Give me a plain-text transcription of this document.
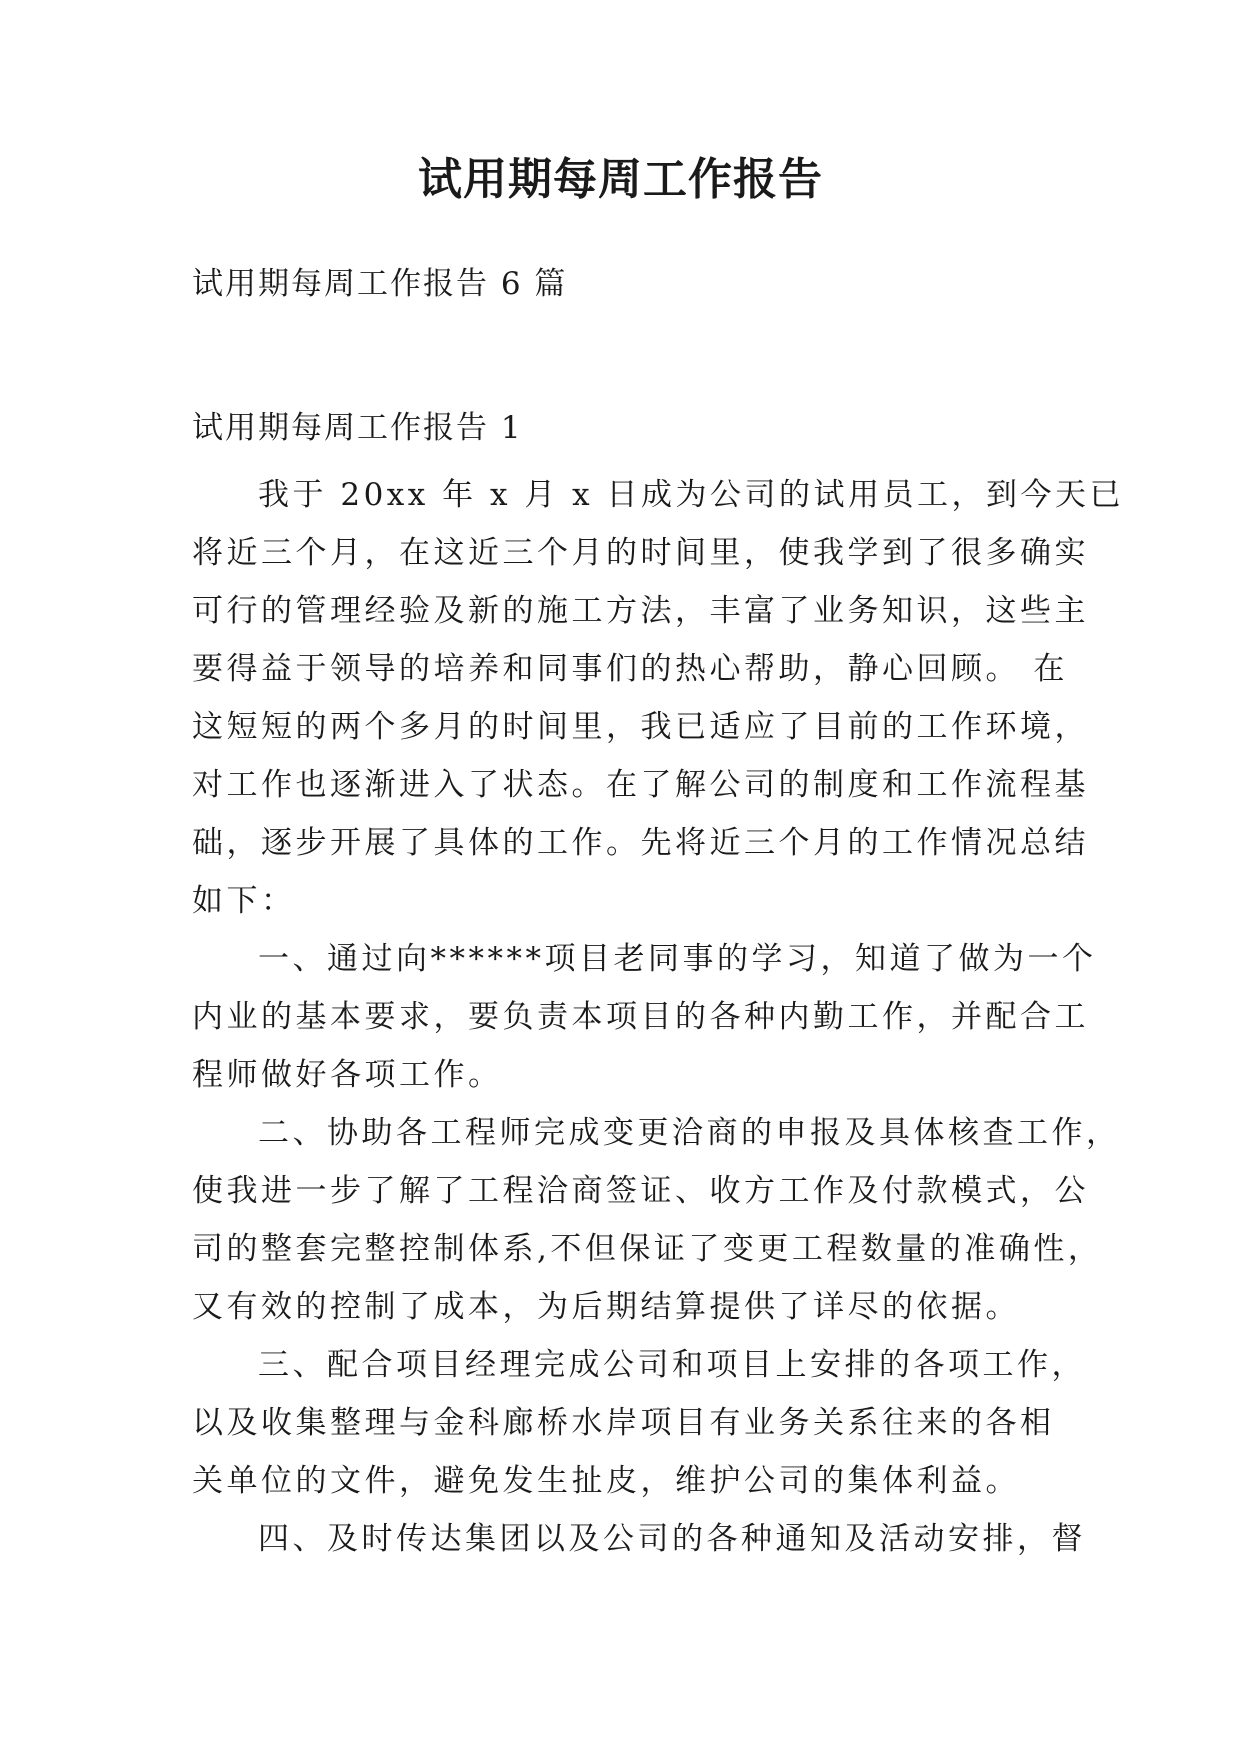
试用期每周工作报告

试用期每周工作报告 6 篇

试用期每周工作报告 1

我于 20xx 年 x 月 x 日成为公司的试用员工，到今天已
将近三个月，在这近三个月的时间里，使我学到了很多确实
可行的管理经验及新的施工方法，丰富了业务知识，这些主
要得益于领导的培养和同事们的热心帮助，静心回顾。 在
这短短的两个多月的时间里，我已适应了目前的工作环境，
对工作也逐渐进入了状态。在了解公司的制度和工作流程基
础，逐步开展了具体的工作。先将近三个月的工作情况总结
如下：
一、通过向******项目老同事的学习，知道了做为一个
内业的基本要求，要负责本项目的各种内勤工作，并配合工
程师做好各项工作。
二、协助各工程师完成变更洽商的申报及具体核查工作，
使我进一步了解了工程洽商签证、收方工作及付款模式，公
司的整套完整控制体系,不但保证了变更工程数量的准确性，
又有效的控制了成本，为后期结算提供了详尽的依据。
三、配合项目经理完成公司和项目上安排的各项工作，
以及收集整理与金科廊桥水岸项目有业务关系往来的各相
关单位的文件，避免发生扯皮，维护公司的集体利益。
四、及时传达集团以及公司的各种通知及活动安排，督
